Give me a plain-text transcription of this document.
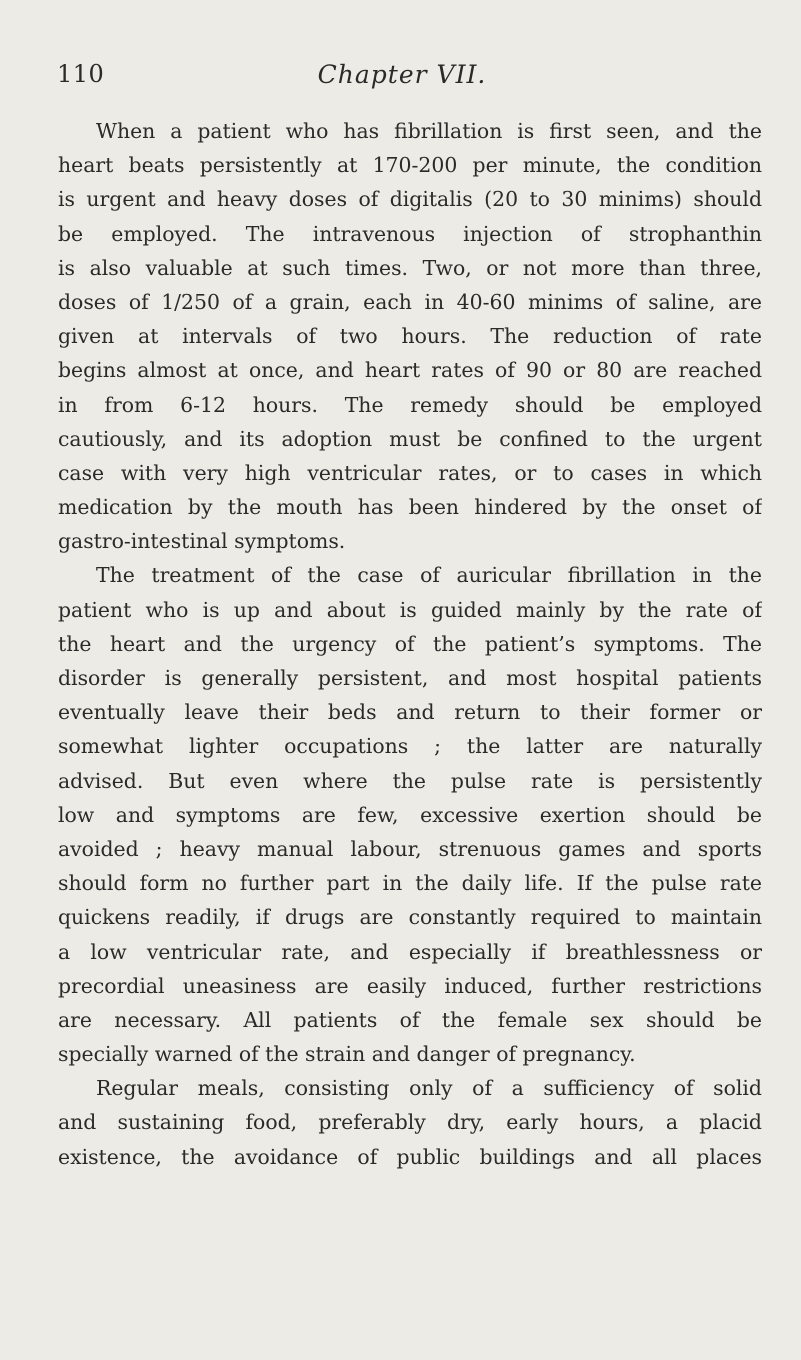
110	Chapter VII.
When a patient who has fibrillation is first seen, and the
heart beats persistently at 170-200 per minute, the condition
is urgent and heavy doses of digitalis (20 to 30 minims) should
be employed. The intravenous injection of strophanthin
is also valuable at such times. Two, or not more than three,
doses of 1/250 of a grain, each in 40-60 minims of saline, are
given at intervals of two hours. The reduction of rate
begins almost at once, and heart rates of 90 or 80 are reached
in from 6-12 hours. The remedy should be employed
cautiously, and its adoption must be confined to the urgent
case with very high ventricular rates, or to cases in which
medication by the mouth has been hindered by the onset of
gastro-intestinal symptoms.
The treatment of the case of auricular fibrillation in the
patient who is up and about is guided mainly by the rate of
the heart and the urgency of the patient’s symptoms. The
disorder is generally persistent, and most hospital patients
eventually leave their beds and return to their former or
somewhat lighter occupations ; the latter are naturally
advised. But even where the pulse rate is persistently
low and symptoms are few, excessive exertion should be
avoided ; heavy manual labour, strenuous games and sports
should form no further part in the daily life. If the pulse rate
quickens readily, if drugs are constantly required to maintain
a low ventricular rate, and especially if breathlessness or
precordial uneasiness are easily induced, further restrictions
are necessary. All patients of the female sex should be
specially warned of the strain and danger of pregnancy.
Regular meals, consisting only of a sufficiency of solid
and sustaining food, preferably dry, early hours, a placid
existence, the avoidance of public buildings and all places
